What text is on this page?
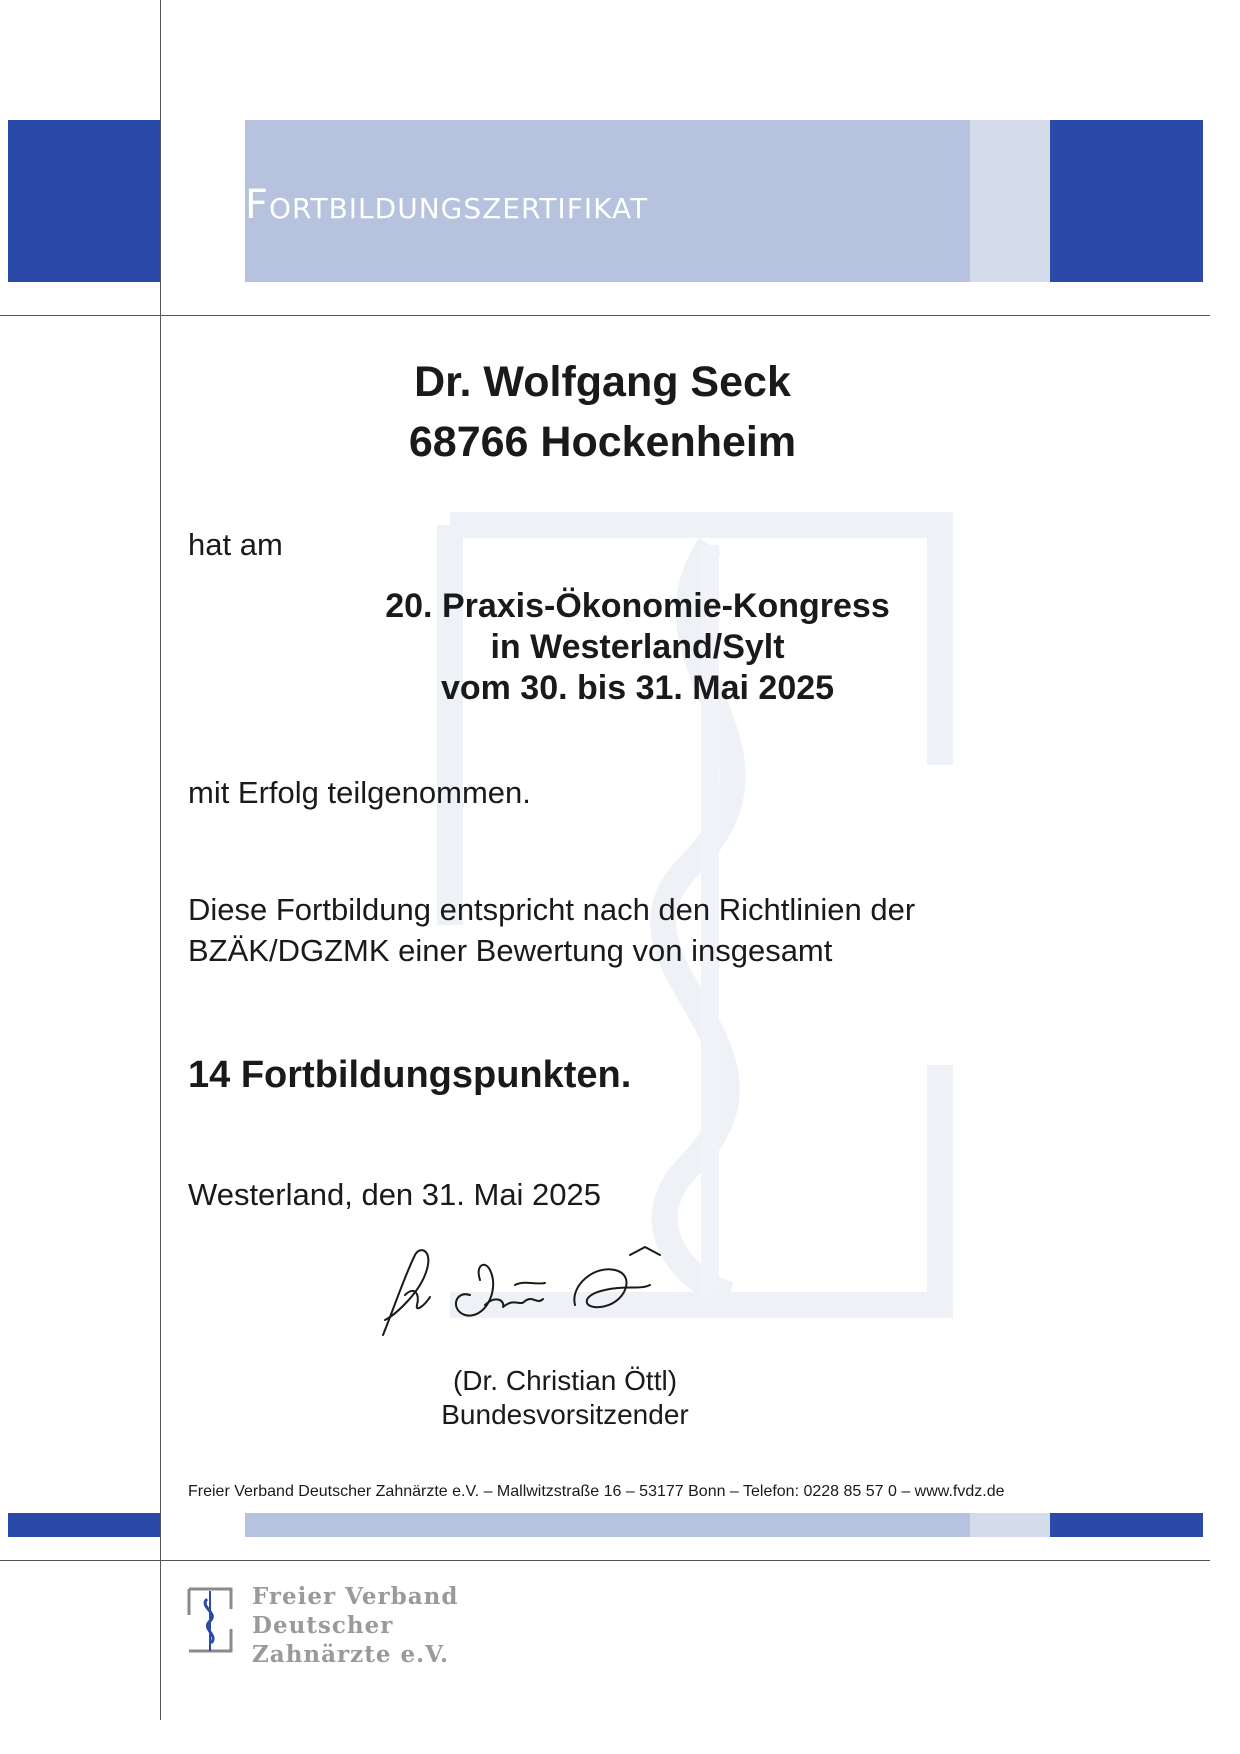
Fortbildungszertifikat
Dr. Wolfgang Seck
68766 Hockenheim
hat am
20. Praxis-Ökonomie-Kongress
in Westerland/Sylt
vom 30. bis 31. Mai 2025
mit Erfolg teilgenommen.
Diese Fortbildung entspricht nach den Richtlinien der
BZÄK/DGZMK einer Bewertung von insgesamt
14 Fortbildungspunkten.
Westerland, den 31. Mai 2025
(Dr. Christian Öttl)
Bundesvorsitzender
Freier Verband Deutscher Zahnärzte e.V. – Mallwitzstraße 16 – 53177 Bonn – Telefon: 0228 85 57 0 – www.fvdz.de
Freier Verband
Deutscher
Zahnärzte e.V.
